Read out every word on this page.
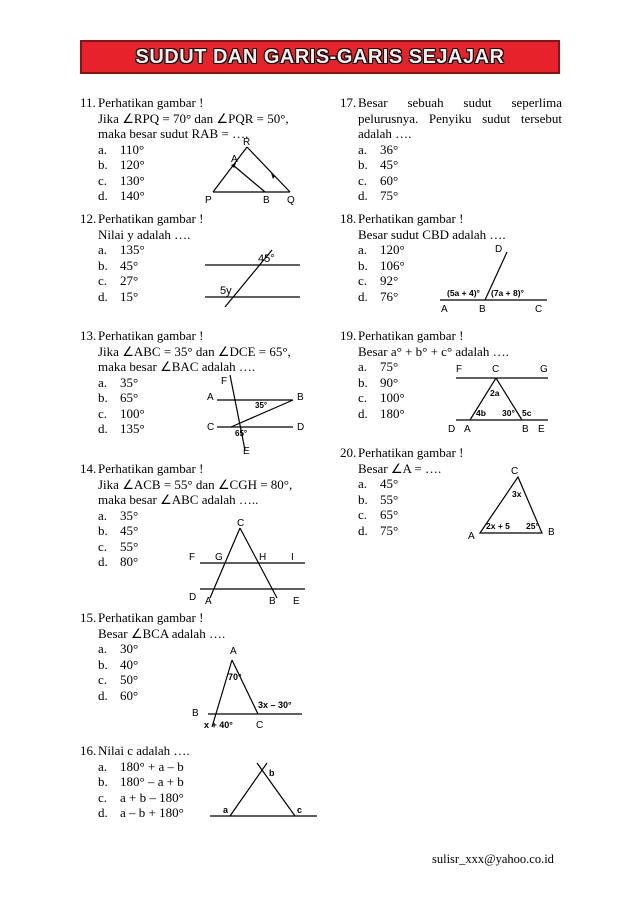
SUDUT DAN GARIS-GARIS SEJAJAR
11. Perhatikan gambar !
Jika ∠RPQ = 70° dan ∠PQR = 50°,
maka besar sudut RAB = ….
a. 110°
b. 120°
c. 130°
d. 140°
R
A
P	B Q
12. Perhatikan gambar !
Nilai y adalah ….
a. 135°
b. 45°
c. 27°
d. 15°
45°
5y
13. Perhatikan gambar !
Jika ∠ABC = 35° dan ∠DCE = 65°,
maka besar ∠BAC adalah ….
a. 35°
b. 65°
c. 100°
d. 135°
F
A	B
C	D
E
35°
65°
14. Perhatikan gambar !
Jika ∠ACB = 55° dan ∠CGH = 80°,
maka besar ∠ABC adalah …..
a. 35°
b. 45°
c. 55°
d. 80°
C
F G	H I
D A	B E
15. Perhatikan gambar !
Besar ∠BCA adalah ….
a. 30°
b. 40°
c. 50°
d. 60°
A
B
C
70°
3x – 30°
x + 40°
16. Nilai c adalah ….
a. 180° + a – b
b. 180° – a + b
c. a + b – 180°
d. a – b + 180°
b
a	c
17. Besar sebuah sudut seperlima
pelurusnya. Penyiku sudut tersebut
adalah ….
a. 36°
b. 45°
c. 60°
d. 75°
18. Perhatikan gambar !
Besar sudut CBD adalah ….
a. 120°
b. 106°
c. 92°
d. 76°
D
(5a + 4)° (7a + 8)°
A	B	C
19. Perhatikan gambar !
Besar a° + b° + c° adalah ….
a. 75°
b. 90°
c. 100°
d. 180°
F	C	G
2a
4b 30° 5c
D A	B E
20. Perhatikan gambar !
Besar ∠A = ….
a. 45°
b. 55°
c. 65°
d. 75°
C
3x
2x + 5 25°
A	B
sulisr_xxx@yahoo.co.id
